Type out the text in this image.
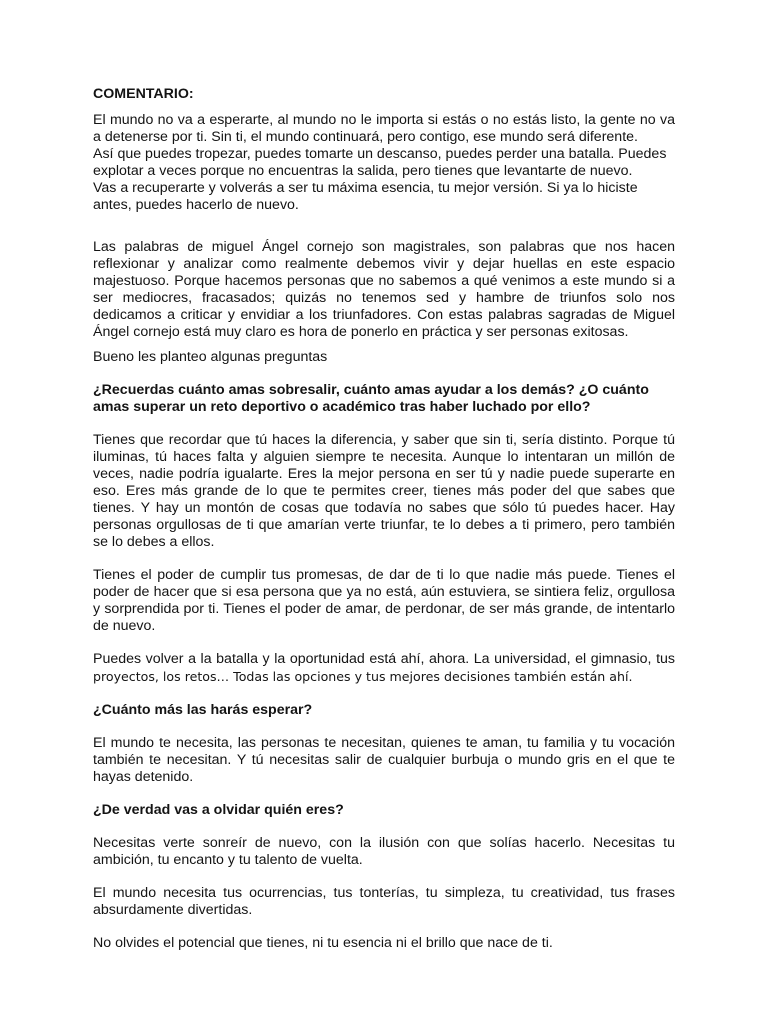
COMENTARIO:

El mundo no va a esperarte, al mundo no le importa si estás o no estás listo, la gente no va a detenerse por ti. Sin ti, el mundo continuará, pero contigo, ese mundo será diferente.

Así que puedes tropezar, puedes tomarte un descanso, puedes perder una batalla. Puedes explotar a veces porque no encuentras la salida, pero tienes que levantarte de nuevo.

Vas a recuperarte y volverás a ser tu máxima esencia, tu mejor versión. Si ya lo hiciste antes, puedes hacerlo de nuevo.

Las palabras de miguel Ángel cornejo son magistrales, son palabras que nos hacen reflexionar y analizar como realmente debemos vivir y dejar huellas en este espacio majestuoso. Porque hacemos personas que no sabemos a qué venimos a este mundo si a ser mediocres, fracasados; quizás no tenemos sed y hambre de triunfos solo nos dedicamos a criticar y envidiar a los triunfadores. Con estas palabras sagradas de Miguel Ángel cornejo está muy claro es hora de ponerlo en práctica y ser personas exitosas.

Bueno les planteo algunas preguntas

¿Recuerdas cuánto amas sobresalir, cuánto amas ayudar a los demás? ¿O cuánto amas superar un reto deportivo o académico tras haber luchado por ello?

Tienes que recordar que tú haces la diferencia, y saber que sin ti, sería distinto. Porque tú iluminas, tú haces falta y alguien siempre te necesita. Aunque lo intentaran un millón de veces, nadie podría igualarte. Eres la mejor persona en ser tú y nadie puede superarte en eso. Eres más grande de lo que te permites creer, tienes más poder del que sabes que tienes. Y hay un montón de cosas que todavía no sabes que sólo tú puedes hacer. Hay personas orgullosas de ti que amarían verte triunfar, te lo debes a ti primero, pero también se lo debes a ellos.

Tienes el poder de cumplir tus promesas, de dar de ti lo que nadie más puede. Tienes el poder de hacer que si esa persona que ya no está, aún estuviera, se sintiera feliz, orgullosa y sorprendida por ti. Tienes el poder de amar, de perdonar, de ser más grande, de intentarlo de nuevo.

Puedes volver a la batalla y la oportunidad está ahí, ahora. La universidad, el gimnasio, tus proyectos, los retos… Todas las opciones y tus mejores decisiones también están ahí.

¿Cuánto más las harás esperar?

El mundo te necesita, las personas te necesitan, quienes te aman, tu familia y tu vocación también te necesitan. Y tú necesitas salir de cualquier burbuja o mundo gris en el que te hayas detenido.

¿De verdad vas a olvidar quién eres?

Necesitas verte sonreír de nuevo, con la ilusión con que solías hacerlo. Necesitas tu ambición, tu encanto y tu talento de vuelta.

El mundo necesita tus ocurrencias, tus tonterías, tu simpleza, tu creatividad, tus frases absurdamente divertidas.

No olvides el potencial que tienes, ni tu esencia ni el brillo que nace de ti.
